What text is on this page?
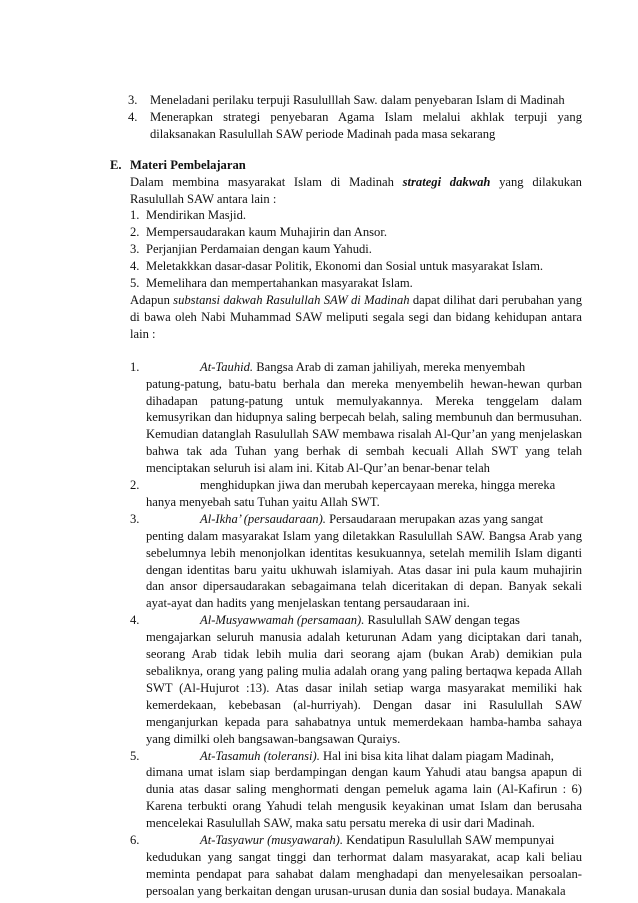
3. Meneladani perilaku terpuji Rasululllah Saw. dalam penyebaran Islam di Madinah
4. Menerapkan strategi penyebaran Agama Islam melalui akhlak terpuji yang dilaksanakan Rasulullah SAW periode Madinah pada masa sekarang
E. Materi Pembelajaran
Dalam membina masyarakat Islam di Madinah strategi dakwah yang dilakukan Rasulullah SAW antara lain :
1. Mendirikan Masjid.
2. Mempersaudarakan kaum Muhajirin dan Ansor.
3. Perjanjian Perdamaian dengan kaum Yahudi.
4. Meletakkkan dasar-dasar Politik, Ekonomi dan Sosial untuk masyarakat Islam.
5. Memelihara dan mempertahankan masyarakat Islam.
Adapun substansi dakwah Rasulullah SAW di Madinah dapat dilihat dari perubahan yang di bawa oleh Nabi Muhammad SAW meliputi segala segi dan bidang kehidupan antara lain :
1.	At-Tauhid. Bangsa Arab di zaman jahiliyah, mereka menyembah
patung-patung, batu-batu berhala dan mereka menyembelih hewan-hewan qurban dihadapan patung-patung untuk memulyakannya. Mereka tenggelam dalam kemusyrikan dan hidupnya saling berpecah belah, saling membunuh dan bermusuhan. Kemudian datanglah Rasulullah SAW membawa risalah Al-Qur’an yang menjelaskan bahwa tak ada Tuhan yang berhak di sembah kecuali Allah SWT yang telah menciptakan seluruh isi alam ini. Kitab Al-Qur’an benar-benar telah
2.	menghidupkan jiwa dan merubah kepercayaan mereka, hingga mereka
hanya menyebah satu Tuhan yaitu Allah SWT.
3.	Al-Ikha’ (persaudaraan). Persaudaraan merupakan azas yang sangat
penting dalam masyarakat Islam yang diletakkan Rasulullah SAW. Bangsa Arab yang sebelumnya lebih menonjolkan identitas kesukuannya, setelah memilih Islam diganti dengan identitas baru yaitu ukhuwah islamiyah. Atas dasar ini pula kaum muhajirin dan ansor dipersaudarakan sebagaimana telah diceritakan di depan. Banyak sekali ayat-ayat dan hadits yang menjelaskan tentang persaudaraan ini.
4.	Al-Musyawwamah (persamaan). Rasulullah SAW dengan tegas
mengajarkan seluruh manusia adalah keturunan Adam yang diciptakan dari tanah, seorang Arab tidak lebih mulia dari seorang ajam (bukan Arab) demikian pula sebaliknya, orang yang paling mulia adalah orang yang paling bertaqwa kepada Allah SWT (Al-Hujurot :13). Atas dasar inilah setiap warga masyarakat memiliki hak kemerdekaan, kebebasan (al-hurriyah). Dengan dasar ini Rasulullah SAW menganjurkan kepada para sahabatnya untuk memerdekaan hamba-hamba sahaya yang dimilki oleh bangsawan-bangsawan Quraiys.
5.	At-Tasamuh (toleransi). Hal ini bisa kita lihat dalam piagam Madinah,
dimana umat islam siap berdampingan dengan kaum Yahudi atau bangsa apapun di dunia atas dasar saling menghormati dengan pemeluk agama lain (Al-Kafirun : 6) Karena terbukti orang Yahudi telah mengusik keyakinan umat Islam dan berusaha mencelekai Rasulullah SAW, maka satu persatu mereka di usir dari Madinah.
6.	At-Tasyawur (musyawarah). Kendatipun Rasulullah SAW mempunyai
kedudukan yang sangat tinggi dan terhormat dalam masyarakat, acap kali beliau meminta pendapat para sahabat dalam menghadapi dan menyelesaikan persoalan-persoalan yang berkaitan dengan urusan-urusan dunia dan sosial budaya. Manakala
